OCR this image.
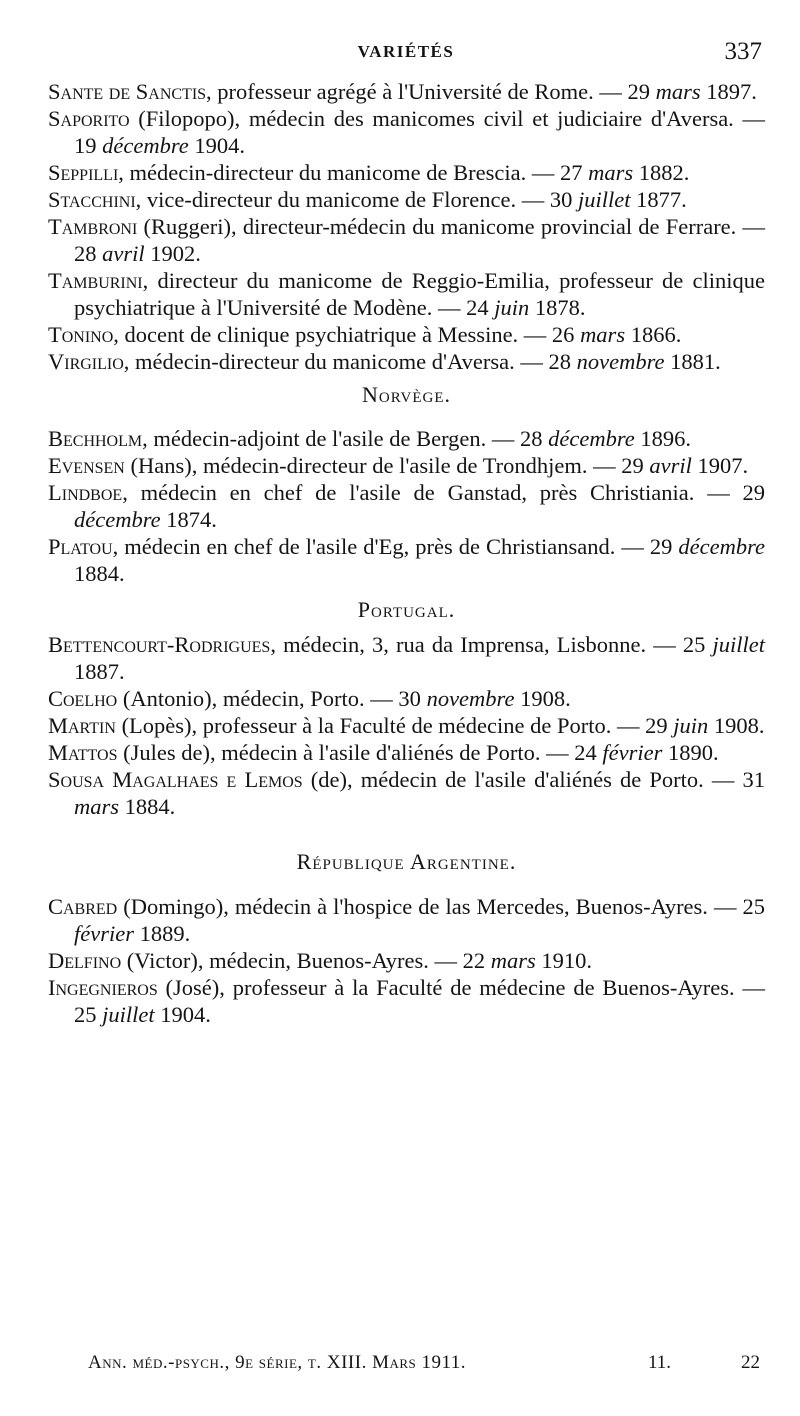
VARIÉTÉS	337
Sante de Sanctis, professeur agrégé à l'Université de Rome. — 29 mars 1897.
Saporito (Filopopo), médecin des manicomes civil et judiciaire d'Aversa. — 19 décembre 1904.
Seppilli, médecin-directeur du manicome de Brescia. — 27 mars 1882.
Stacchini, vice-directeur du manicome de Florence. — 30 juillet 1877.
Tambroni (Ruggeri), directeur-médecin du manicome provincial de Ferrare. — 28 avril 1902.
Tamburini, directeur du manicome de Reggio-Emilia, professeur de clinique psychiatrique à l'Université de Modène. — 24 juin 1878.
Tonino, docent de clinique psychiatrique à Messine. — 26 mars 1866.
Virgilio, médecin-directeur du manicome d'Aversa. — 28 novembre 1881.
Norvège.
Bechholm, médecin-adjoint de l'asile de Bergen. — 28 décembre 1896.
Evensen (Hans), médecin-directeur de l'asile de Trondhjem. — 29 avril 1907.
Lindboe, médecin en chef de l'asile de Ganstad, près Christiania. — 29 décembre 1874.
Platou, médecin en chef de l'asile d'Eg, près de Christiansand. — 29 décembre 1884.
Portugal.
Bettencourt-Rodrigues, médecin, 3, rua da Imprensa, Lisbonne. — 25 juillet 1887.
Coelho (Antonio), médecin, Porto. — 30 novembre 1908.
Martin (Lopès), professeur à la Faculté de médecine de Porto. — 29 juin 1908.
Mattos (Jules de), médecin à l'asile d'aliénés de Porto. — 24 février 1890.
Sousa Magalhaes e Lemos (de), médecin de l'asile d'aliénés de Porto. — 31 mars 1884.
République Argentine.
Cabred (Domingo), médecin à l'hospice de las Mercedes, Buenos-Ayres. — 25 février 1889.
Delfino (Victor), médecin, Buenos-Ayres. — 22 mars 1910.
Ingegnieros (José), professeur à la Faculté de médecine de Buenos-Ayres. — 25 juillet 1904.
Ann. méd.-psych., 9e série, t. XIII. Mars 1911.	11.	22
